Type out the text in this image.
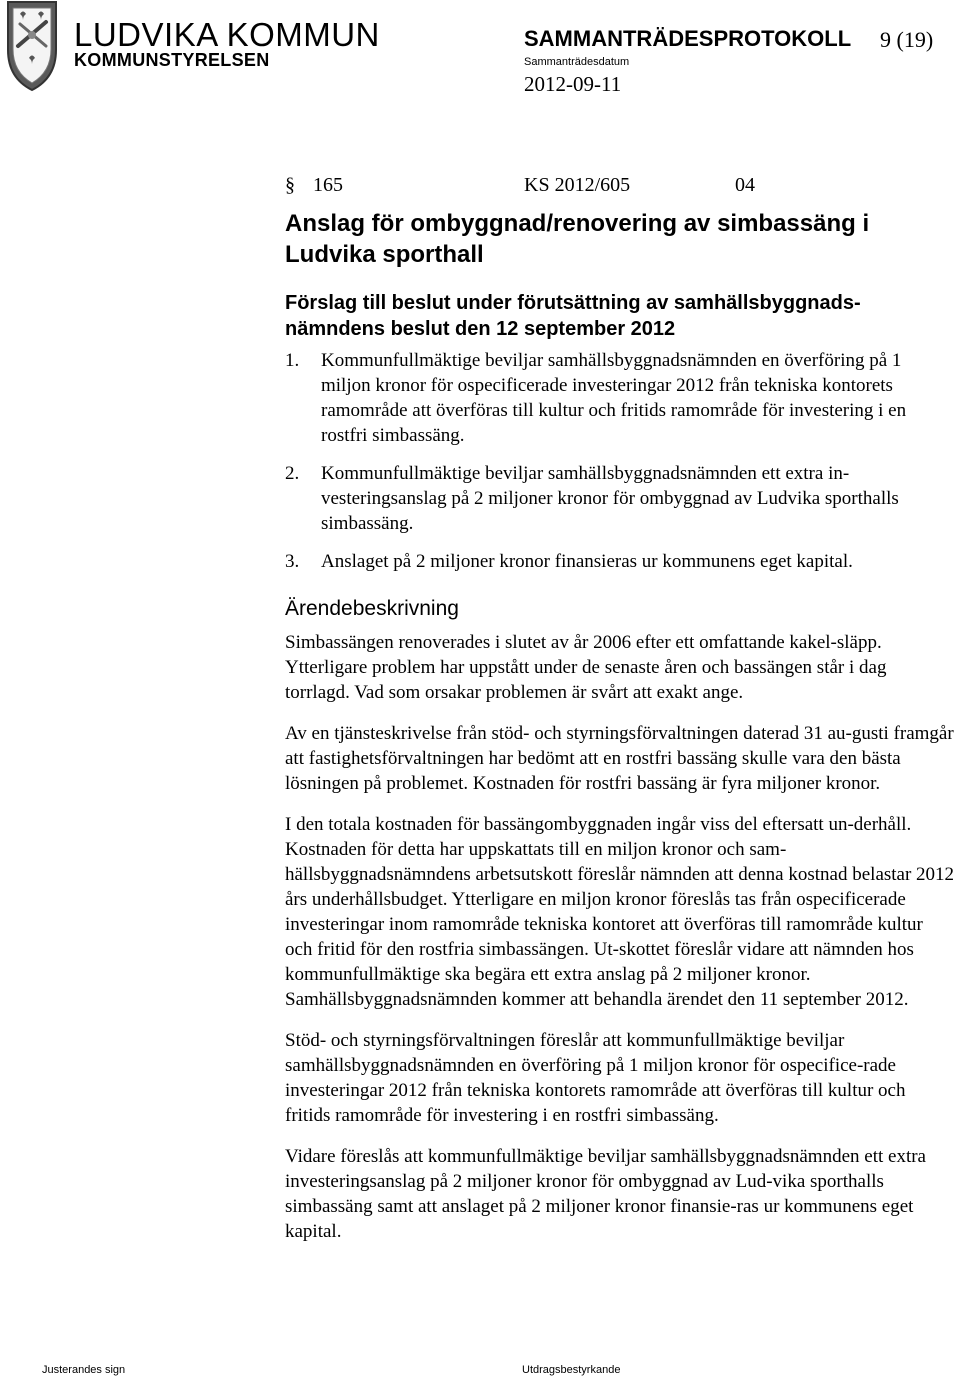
LUDVIKA KOMMUN
KOMMUNSTYRELSEN
SAMMANTRÄDESPROTOKOLL 9 (19)
Sammanträdesdatum
2012-09-11
§ 165	KS 2012/605	04
Anslag för ombyggnad/renovering av simbassäng i Ludvika sporthall
Förslag till beslut under förutsättning av samhällsbyggnads-nämndens beslut den 12 september 2012
1. Kommunfullmäktige beviljar samhällsbyggnadsnämnden en överföring på 1 miljon kronor för ospecificerade investeringar 2012 från tekniska kontorets ramområde att överföras till kultur och fritids ramområde för investering i en rostfri simbassäng.
2. Kommunfullmäktige beviljar samhällsbyggnadsnämnden ett extra in-vesteringsanslag på 2 miljoner kronor för ombyggnad av Ludvika sporthalls simbassäng.
3. Anslaget på 2 miljoner kronor finansieras ur kommunens eget kapital.
Ärendebeskrivning

Simbassängen renoverades i slutet av år 2006 efter ett omfattande kakel-släpp. Ytterligare problem har uppstått under de senaste åren och bassängen står i dag torrlagd. Vad som orsakar problemen är svårt att exakt ange.

Av en tjänsteskrivelse från stöd- och styrningsförvaltningen daterad 31 au-gusti framgår att fastighetsförvaltningen har bedömt att en rostfri bassäng skulle vara den bästa lösningen på problemet. Kostnaden för rostfri bassäng är fyra miljoner kronor.

I den totala kostnaden för bassängombyggnaden ingår viss del eftersatt un-derhåll. Kostnaden för detta har uppskattats till en miljon kronor och sam-hällsbyggnadsnämndens arbetsutskott föreslår nämnden att denna kostnad belastar 2012 års underhållsbudget. Ytterligare en miljon kronor föreslås tas från ospecificerade investeringar inom ramområde tekniska kontoret att överföras till ramområde kultur och fritid för den rostfria simbassängen. Ut-skottet föreslår vidare att nämnden hos kommunfullmäktige ska begära ett extra anslag på 2 miljoner kronor. Samhällsbyggnadsnämnden kommer att behandla ärendet den 11 september 2012.

Stöd- och styrningsförvaltningen föreslår att kommunfullmäktige beviljar samhällsbyggnadsnämnden en överföring på 1 miljon kronor för ospecifice-rade investeringar 2012 från tekniska kontorets ramområde att överföras till kultur och fritids ramområde för investering i en rostfri simbassäng.

Vidare föreslås att kommunfullmäktige beviljar samhällsbyggnadsnämnden ett extra investeringsanslag på 2 miljoner kronor för ombyggnad av Lud-vika sporthalls simbassäng samt att anslaget på 2 miljoner kronor finansie-ras ur kommunens eget kapital.

Justerandes sign	Utdragsbestyrkande
